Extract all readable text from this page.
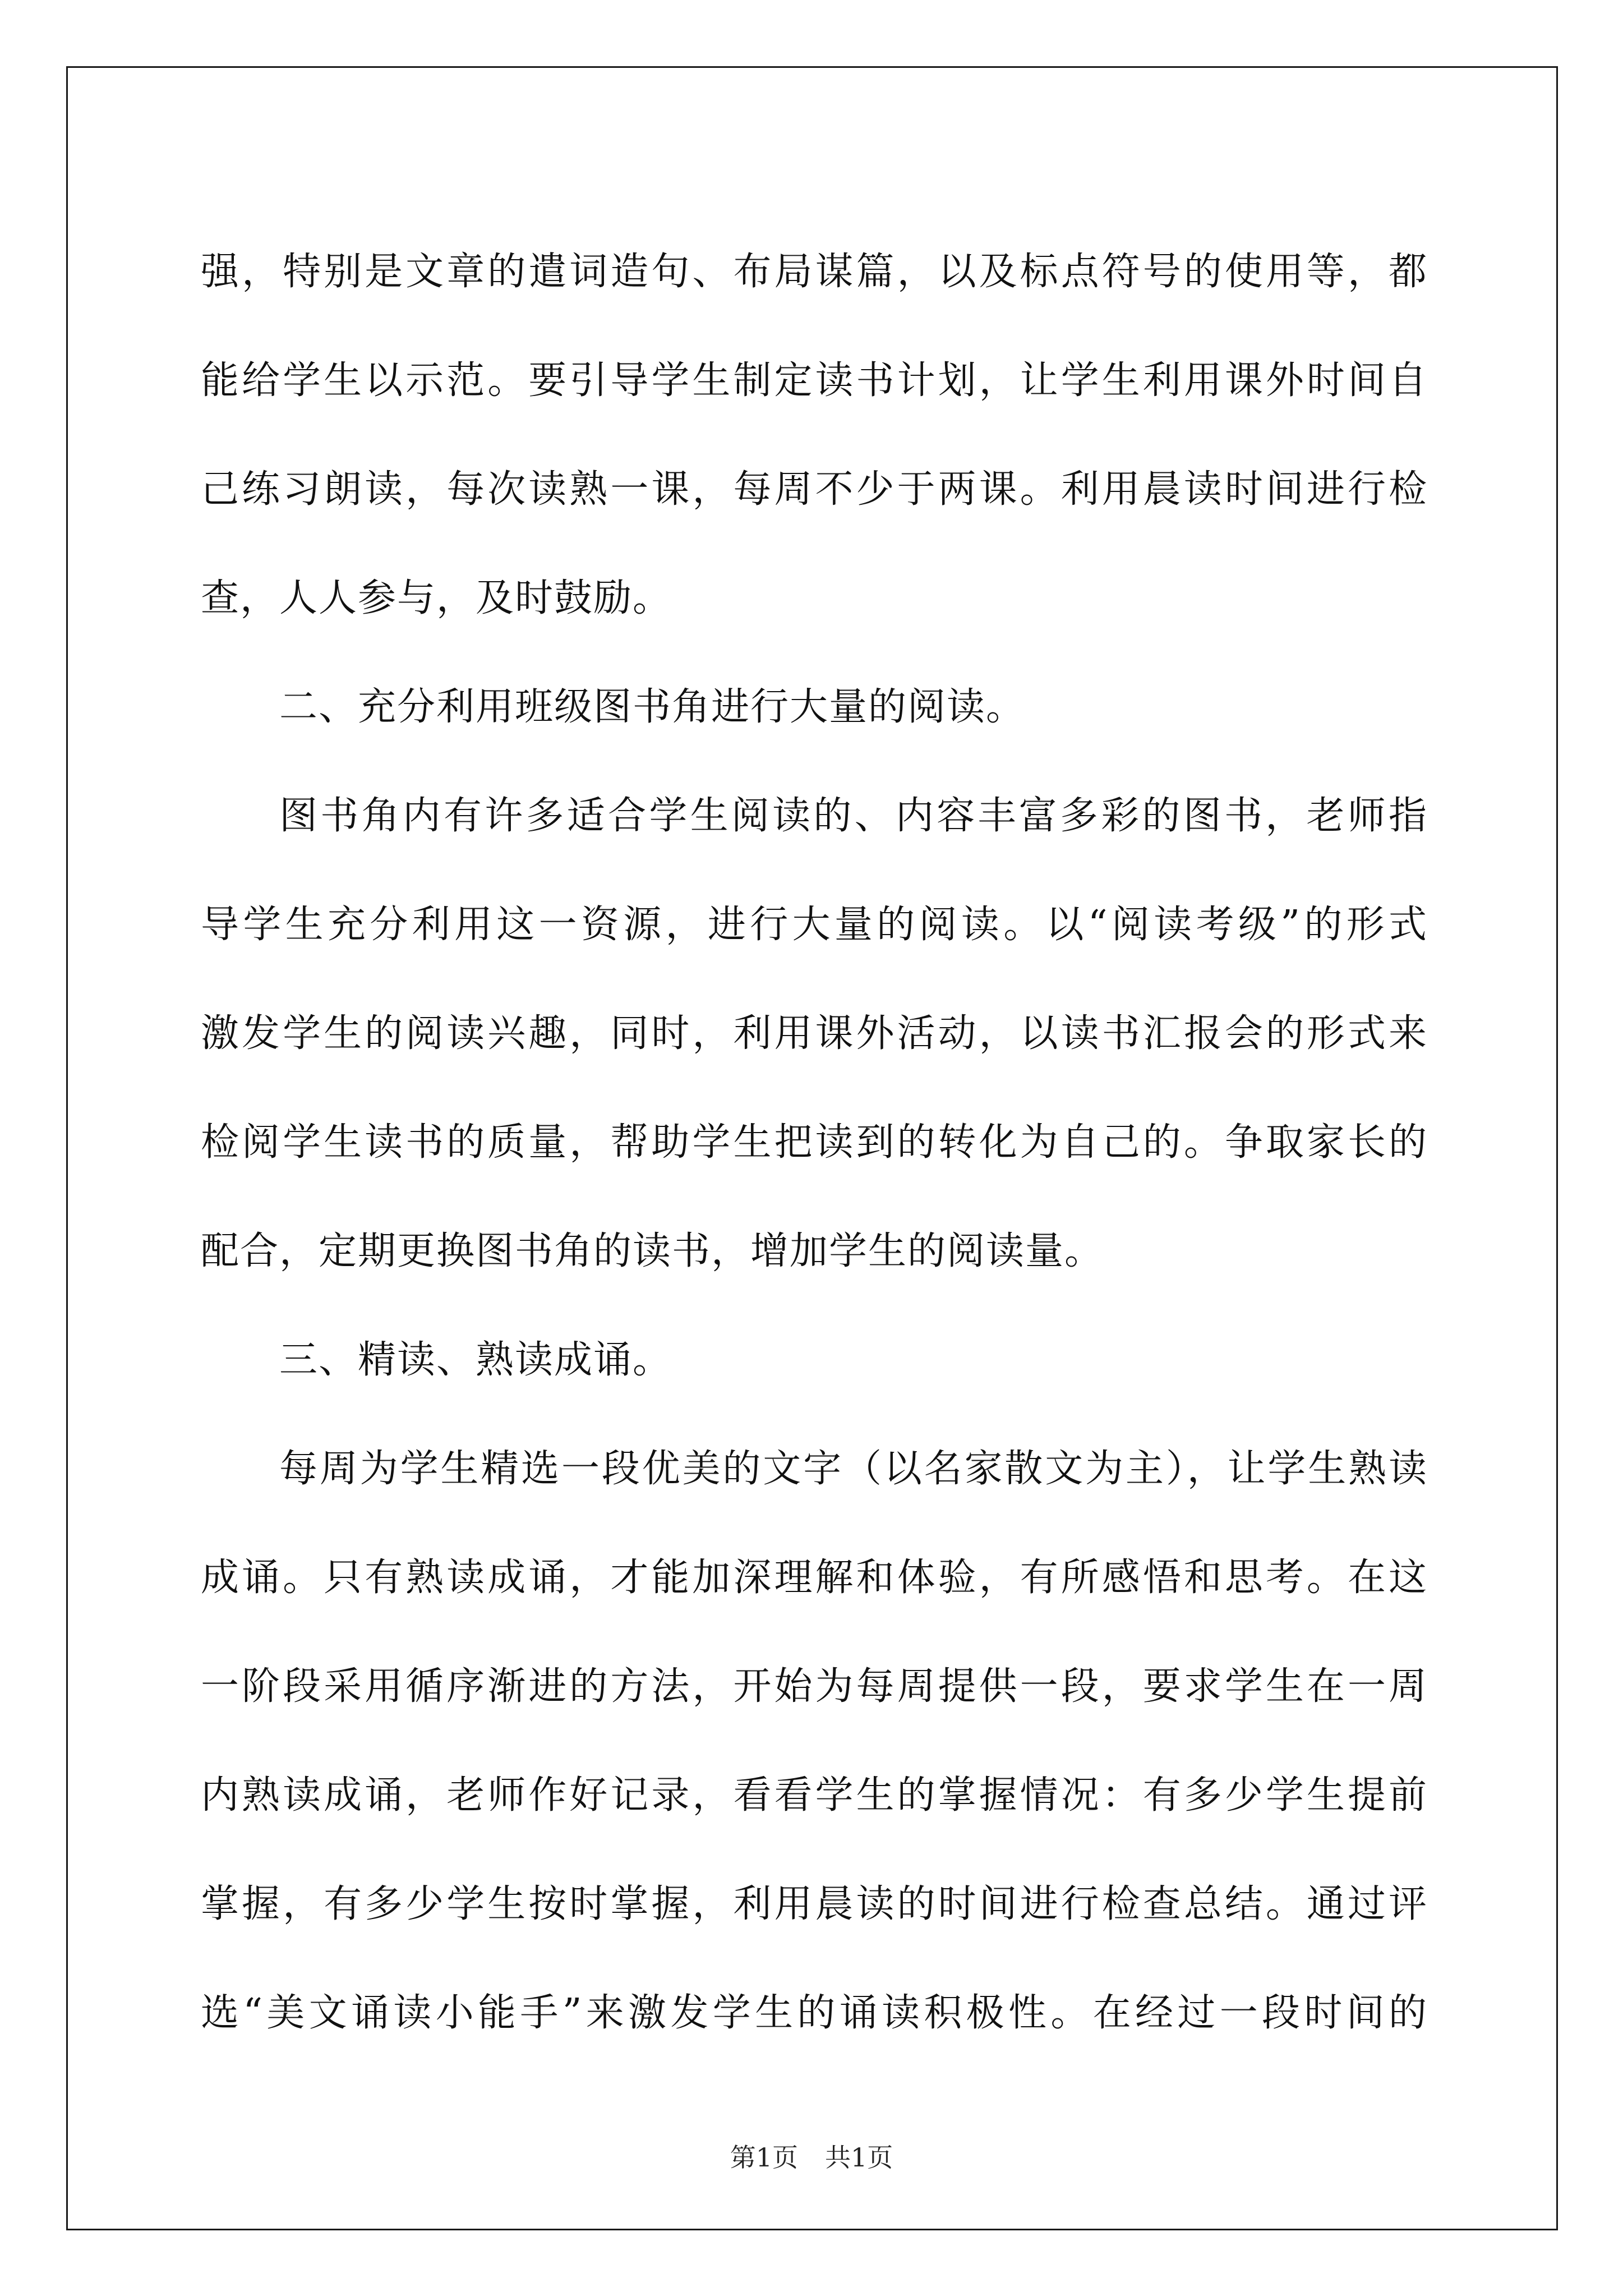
强，特别是文章的遣词造句、布局谋篇，以及标点符号的使用等，都
能给学生以示范。要引导学生制定读书计划，让学生利用课外时间自
己练习朗读，每次读熟一课，每周不少于两课。利用晨读时间进行检
查，人人参与，及时鼓励。
二、充分利用班级图书角进行大量的阅读。
图书角内有许多适合学生阅读的、内容丰富多彩的图书，老师指
导学生充分利用这一资源，进行大量的阅读。以“阅读考级”的形式
激发学生的阅读兴趣，同时，利用课外活动，以读书汇报会的形式来
检阅学生读书的质量，帮助学生把读到的转化为自己的。争取家长的
配合，定期更换图书角的读书，增加学生的阅读量。
三、精读、熟读成诵。
每周为学生精选一段优美的文字（以名家散文为主），让学生熟读
成诵。只有熟读成诵，才能加深理解和体验，有所感悟和思考。在这
一阶段采用循序渐进的方法，开始为每周提供一段，要求学生在一周
内熟读成诵，老师作好记录，看看学生的掌握情况：有多少学生提前
掌握，有多少学生按时掌握，利用晨读的时间进行检查总结。通过评
选“美文诵读小能手”来激发学生的诵读积极性。在经过一段时间的
第1页 共1页
